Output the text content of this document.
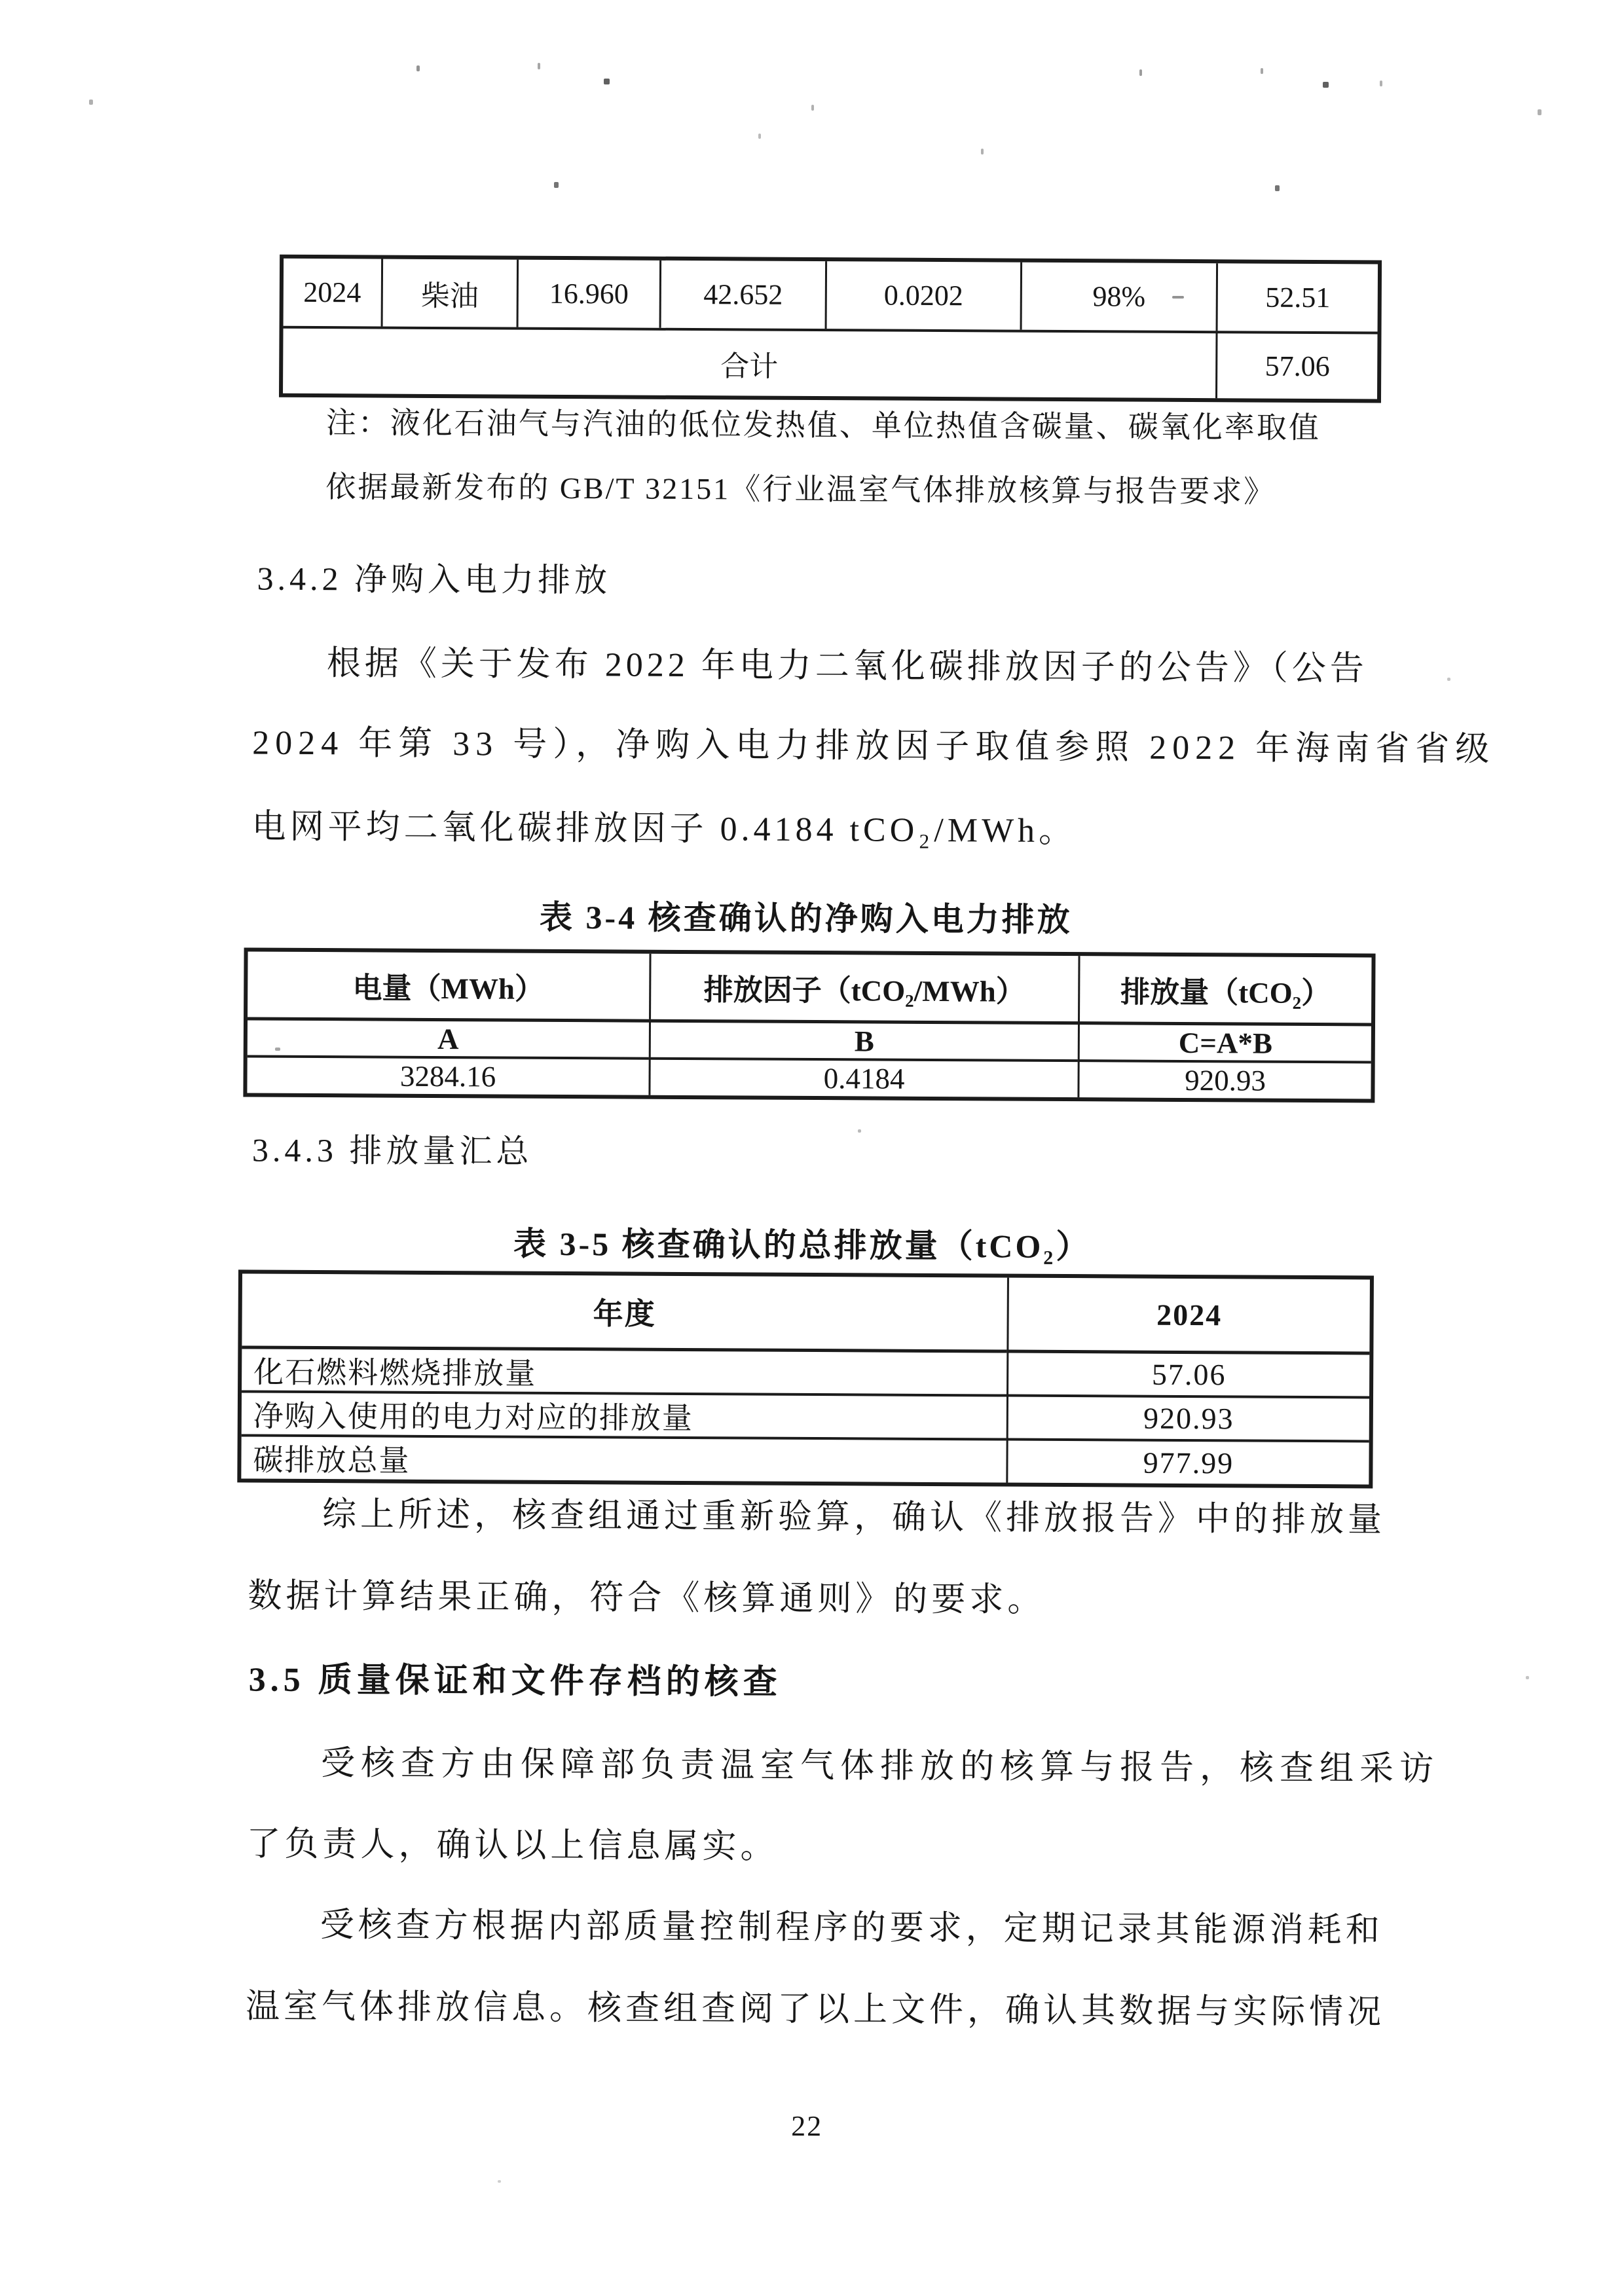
2024	柴油	16.960	42.652	0.0202	98%	52.51
合计	57.06
注：液化石油气与汽油的低位发热值、单位热值含碳量、碳氧化率取值
依据最新发布的 GB/T 32151《行业温室气体排放核算与报告要求》
3.4.2 净购入电力排放
根据《关于发布 2022 年电力二氧化碳排放因子的公告》（公告
2024 年第 33 号），净购入电力排放因子取值参照 2022 年海南省省级
电网平均二氧化碳排放因子 0.4184 tCO₂/MWh。
表 3-4 核查确认的净购入电力排放
电量（MWh）	排放因子（tCO₂/MWh）	排放量（tCO₂）
A	B	C=A*B
3284.16	0.4184	920.93
3.4.3 排放量汇总
表 3-5 核查确认的总排放量（tCO₂）
年度	2024
化石燃料燃烧排放量	57.06
净购入使用的电力对应的排放量	920.93
碳排放总量	977.99
综上所述，核查组通过重新验算，确认《排放报告》中的排放量
数据计算结果正确，符合《核算通则》的要求。
3.5 质量保证和文件存档的核查
受核查方由保障部负责温室气体排放的核算与报告，核查组采访
了负责人，确认以上信息属实。
受核查方根据内部质量控制程序的要求，定期记录其能源消耗和
温室气体排放信息。核查组查阅了以上文件，确认其数据与实际情况
22
